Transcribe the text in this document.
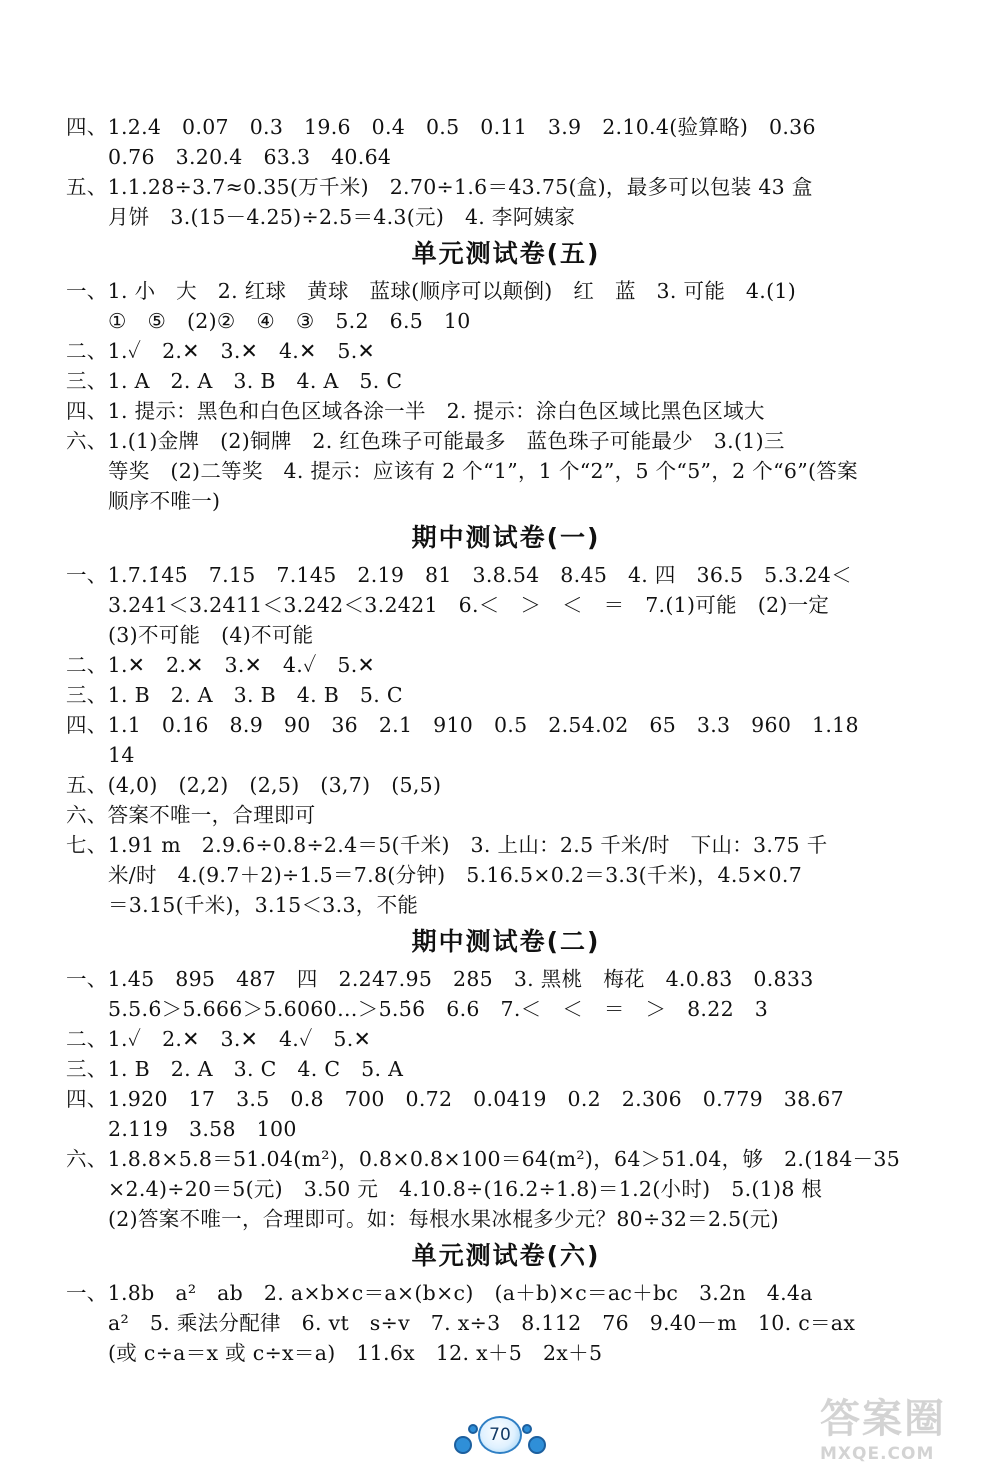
四、1.2.4　0.07　0.3　19.6　0.4　0.5　0.11　3.9　2.10.4(验算略)　0.36
0.76　3.20.4　63.3　40.64
五、1.1.28÷3.7≈0.35(万千米)　2.70÷1.6＝43.75(盒)，最多可以包装 43 盒
月饼　3.(15－4.25)÷2.5＝4.3(元)　4. 李阿姨家
单元测试卷(五)
一、1. 小　大　2. 红球　黄球　蓝球(顺序可以颠倒)　红　蓝　3. 可能　4.(1)
①　⑤　(2)②　④　③　5.2　6.5　10
二、1.✓　2.✕　3.✕　4.✕　5.✕
三、1. A　2. A　3. B　4. A　5. C
四、1. 提示：黑色和白色区域各涂一半　2. 提示：涂白色区域比黑色区域大
六、1.(1)金牌　(2)铜牌　2. 红色珠子可能最多　蓝色珠子可能最少　3.(1)三
等奖　(2)二等奖　4. 提示：应该有 2 个“1”，1 个“2”，5 个“5”，2 个“6”(答案
顺序不唯一)
期中测试卷(一)
一、1.7.1̇45̇　7.15　7.145　2.19　81　3.8.54　8.45　4. 四　36.5　5.3.24＜
3.241＜3.2411＜3.242＜3.2421　6.＜　＞　＜　＝　7.(1)可能　(2)一定
(3)不可能　(4)不可能
二、1.✕　2.✕　3.✕　4.✓　5.✕
三、1. B　2. A　3. B　4. B　5. C
四、1.1　0.16　8.9　90　36　2.1　910　0.5　2.54.02　65　3.3　960　1.18
14
五、(4,0)　(2,2)　(2,5)　(3,7)　(5,5)
六、答案不唯一，合理即可
七、1.91 m　2.9.6÷0.8÷2.4＝5(千米)　3. 上山：2.5 千米/时　下山：3.75 千
米/时　4.(9.7＋2)÷1.5＝7.8(分钟)　5.16.5×0.2＝3.3(千米)，4.5×0.7
＝3.15(千米)，3.15＜3.3，不能
期中测试卷(二)
一、1.45　895　487　四　2.247.95　285　3. 黑桃　梅花　4.0.83̇　0.833
5.5.6̇＞5.666＞5.6060…＞5.5̇6̇　6.6　7.＜　＜　＝　＞　8.22　3
二、1.✓　2.✕　3.✕　4.✓　5.✕
三、1. B　2. A　3. C　4. C　5. A
四、1.920　17　3.5　0.8　700　0.72　0.0419　0.2　2.306　0.779　38.67
2.119　3.58　100
六、1.8.8×5.8＝51.04(m²)，0.8×0.8×100＝64(m²)，64＞51.04，够　2.(184－35
×2.4)÷20＝5(元)　3.50 元　4.10.8÷(16.2÷1.8)＝1.2(小时)　5.(1)8 根
(2)答案不唯一，合理即可。如：每根水果冰棍多少元？80÷32＝2.5(元)
单元测试卷(六)
一、1.8b　a²　ab　2. a×b×c＝a×(b×c)　(a＋b)×c＝ac＋bc　3.2n　4.4a
a²　5. 乘法分配律　6. vt　s÷v　7. x÷3　8.112　76　9.40－m　10. c＝ax
(或 c÷a＝x 或 c÷x＝a)　11.6x　12. x＋5　2x＋5
70	答案圈
MXQE.COM
